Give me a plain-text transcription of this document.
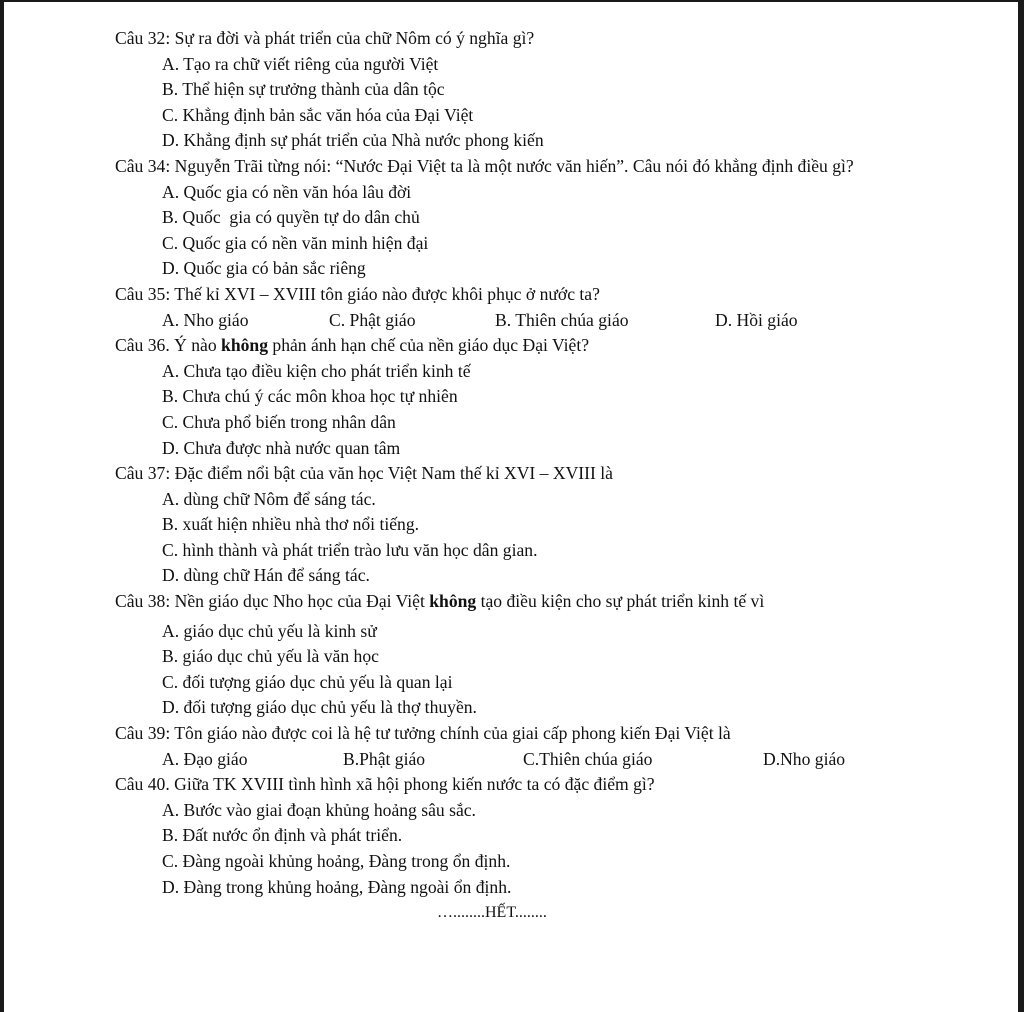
Câu 32: Sự ra đời và phát triển của chữ Nôm có ý nghĩa gì?

A. Tạo ra chữ viết riêng của người Việt

B. Thể hiện sự trưởng thành của dân tộc

C. Khẳng định bản sắc văn hóa của Đại Việt

D. Khẳng định sự phát triển của Nhà nước phong kiến

Câu 34: Nguyễn Trãi từng nói: “Nước Đại Việt ta là một nước văn hiến”. Câu nói đó khẳng định điều gì?

A. Quốc gia có nền văn hóa lâu đời

B. Quốc  gia có quyền tự do dân chủ

C. Quốc gia có nền văn minh hiện đại

D. Quốc gia có bản sắc riêng

Câu 35: Thế kỉ XVI – XVIII tôn giáo nào được khôi phục ở nước ta?

A. Nho giáo	C. Phật giáo	B. Thiên chúa giáo	D. Hồi giáo

Câu 36. Ý nào không phản ánh hạn chế của nền giáo dục Đại Việt?

A. Chưa tạo điều kiện cho phát triển kinh tế

B. Chưa chú ý các môn khoa học tự nhiên

C. Chưa phổ biến trong nhân dân

D. Chưa được nhà nước quan tâm

Câu 37: Đặc điểm nổi bật của văn học Việt Nam thế kỉ XVI – XVIII là

A. dùng chữ Nôm để sáng tác.

B. xuất hiện nhiều nhà thơ nổi tiếng.

C. hình thành và phát triển trào lưu văn học dân gian.

D. dùng chữ Hán để sáng tác.

Câu 38: Nền giáo dục Nho học của Đại Việt không tạo điều kiện cho sự phát triển kinh tế vì

A. giáo dục chủ yếu là kinh sử

B. giáo dục chủ yếu là văn học

C. đối tượng giáo dục chủ yếu là quan lại

D. đối tượng giáo dục chủ yếu là thợ thuyền.

Câu 39: Tôn giáo nào được coi là hệ tư tưởng chính của giai cấp phong kiến Đại Việt là

A. Đạo giáo	B.Phật giáo	C.Thiên chúa giáo	D.Nho giáo

Câu 40. Giữa TK XVIII tình hình xã hội phong kiến nước ta có đặc điểm gì?

A. Bước vào giai đoạn khủng hoảng sâu sắc.

B. Đất nước ổn định và phát triển.

C. Đàng ngoài khủng hoảng, Đàng trong ổn định.

D. Đàng trong khủng hoảng, Đàng ngoài ổn định.

…........HẾT........
